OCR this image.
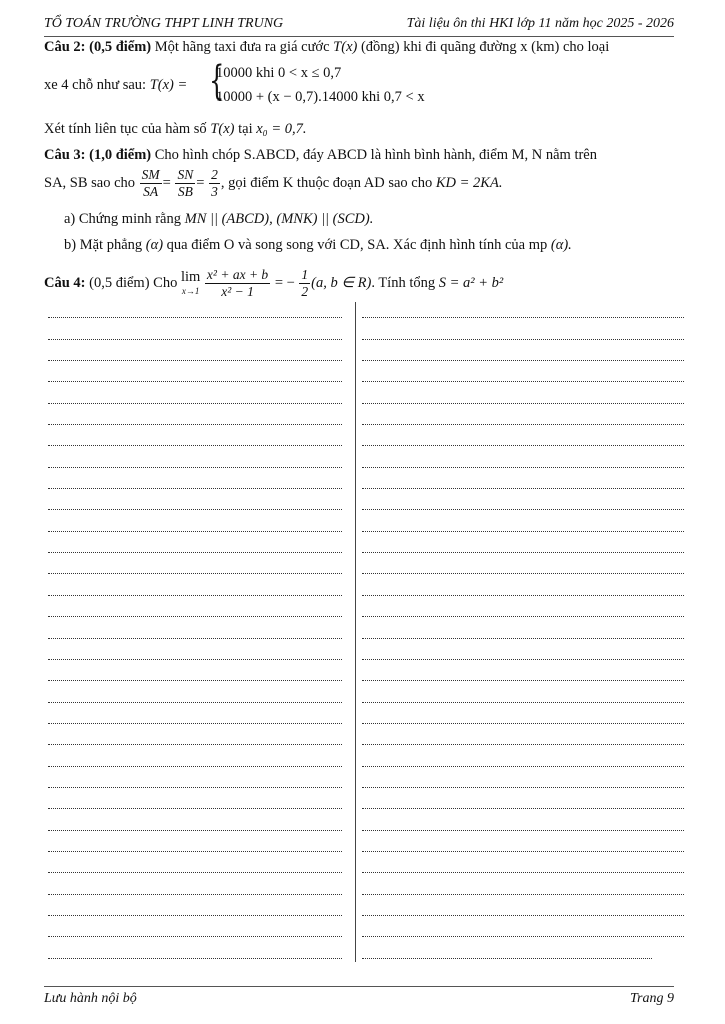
TỔ TOÁN TRƯỜNG THPT LINH TRUNG	Tài liệu ôn thi HKI lớp 11 năm học 2025 - 2026
Câu 2: (0,5 điểm) Một hãng taxi đưa ra giá cước T(x) (đồng) khi đi quãng đường x (km) cho loại
xe 4 chỗ như sau: T(x) = {
10000 khi 0 < x ≤ 0,7
10000 + (x − 0,7).14000 khi 0,7 < x
Xét tính liên tục của hàm số T(x) tại x₀ = 0,7.
Câu 3: (1,0 điểm) Cho hình chóp S.ABCD, đáy ABCD là hình bình hành, điểm M, N nằm trên
SA, SB sao cho $\frac{SM}{SA} = \frac{SN}{SB} = \frac{2}{3}$ , gọi điểm K thuộc đoạn AD sao cho KD = 2KA.
a) Chứng minh rằng MN || (ABCD), (MNK) || (SCD).
b) Mặt phẳng (α) qua điểm O và song song với CD, SA. Xác định hình tính của mp (α).
Câu 4: (0,5 điểm) Cho lim
x→1
$\frac{\text{x² + ax + b}}{\text{x² − 1}}$ = − $\frac{1}{2} (a$, b ∈ R). Tính tổng S = a² + b²
Lưu hành nội bộ	Trang 9
